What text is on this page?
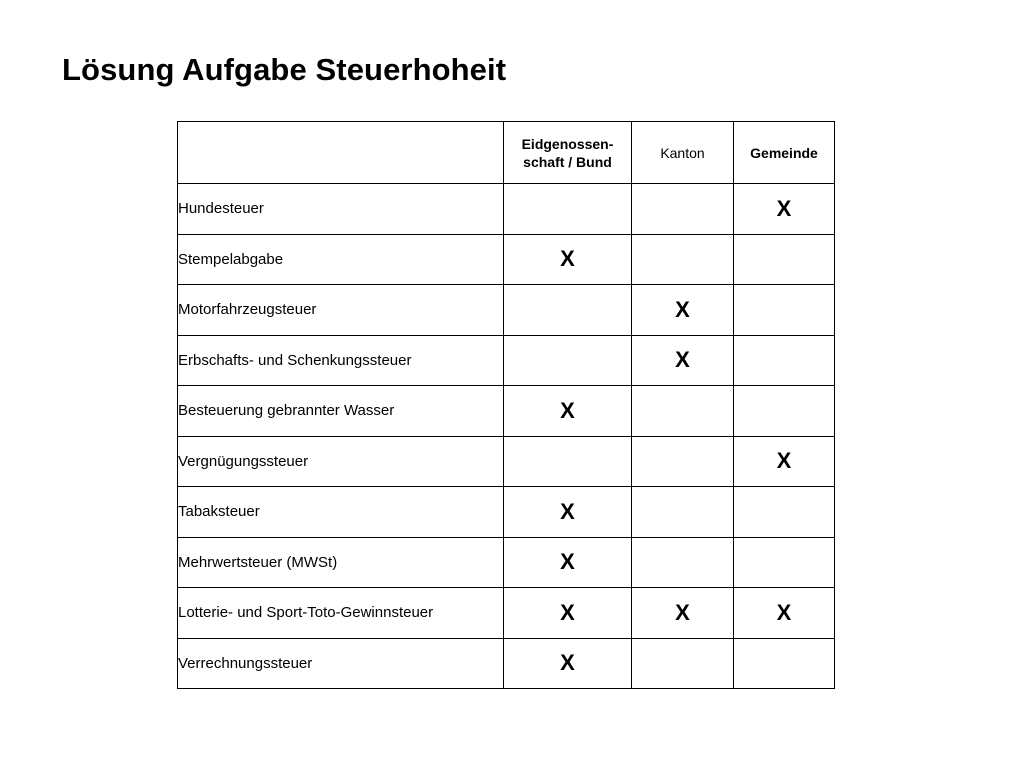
Lösung Aufgabe Steuerhoheit
	Eidgenossen-schaft / Bund	Kanton	Gemeinde
Hundesteuer			X
Stempelabgabe	X		
Motorfahrzeugsteuer		X	
Erbschafts- und Schenkungssteuer		X	
Besteuerung gebrannter Wasser	X		
Vergnügungssteuer			X
Tabaksteuer	X		
Mehrwertsteuer (MWSt)	X		
Lotterie- und Sport-Toto-Gewinnsteuer	X	X	X
Verrechnungssteuer	X		
